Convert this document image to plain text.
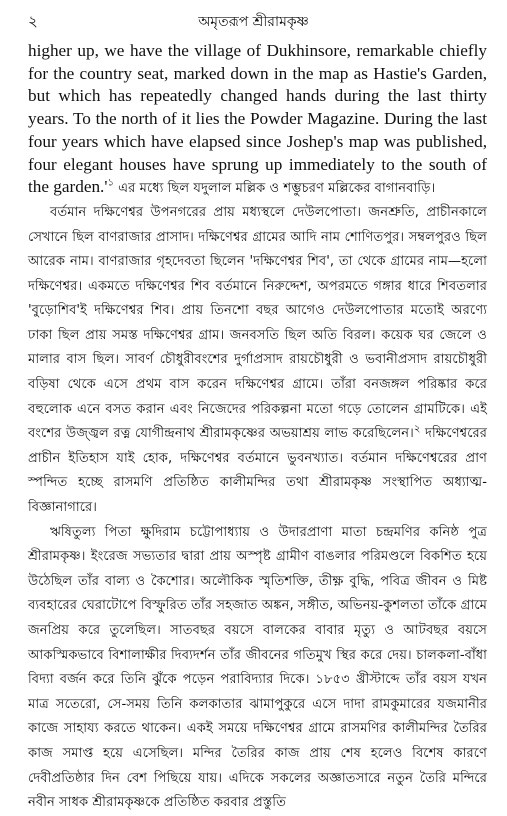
২	অমৃতরূপ শ্রীরামকৃষ্ণ

higher up, we have the village of Dukhinsore, remarkable chiefly for the country seat, marked down in the map as Hastie's Garden, but which has repeatedly changed hands during the last thirty years. To the north of it lies the Powder Magazine. During the last four years which have elapsed since Joshep's map was published, four elegant houses have sprung up immediately to the south of the $garden.'^১$ এর মধ্যে ছিল যদুলাল মল্লিক ও শম্ভুচরণ মল্লিকের বাগানবাড়ি।

বর্তমান দক্ষিণেশ্বর উপনগরের প্রায় মধ্যস্থলে দেউলপোতা। জনশ্রুতি, প্রাচীনকালে সেখানে ছিল বাণরাজার প্রাসাদ। দক্ষিণেশ্বর গ্রামের আদি নাম শোণিতপুর। সম্বলপুরও ছিল আরেক নাম। বাণরাজার গৃহদেবতা ছিলেন 'দক্ষিণেশ্বর শিব', তা থেকে গ্রামের নাম—হলো দক্ষিণেশ্বর। একমতে দক্ষিণেশ্বর শিব বর্তমানে নিরুদ্দেশ, অপরমতে গঙ্গার ধারে শিবতলার 'বুড়োশিব'ই দক্ষিণেশ্বর শিব। প্রায় তিনশো বছর আগেও দেউলপোতার মতোই অরণ্যে ঢাকা ছিল প্রায় সমস্ত দক্ষিণেশ্বর গ্রাম। জনবসতি ছিল অতি বিরল। কয়েক ঘর জেলে ও মালার বাস ছিল। সাবর্ণ চৌধুরীবংশের দুর্গাপ্রসাদ রায়চৌধুরী ও ভবানীপ্রসাদ রায়চৌধুরী বড়িষা থেকে এসে প্রথম বাস করেন দক্ষিণেশ্বর গ্রামে। তাঁরা বনজঙ্গল পরিষ্কার করে বহুলোক এনে বসত করান এবং নিজেদের পরিকল্পনা মতো গড়ে তোলেন গ্রামটিকে। এই বংশের উজ্জ্বল রত্ন যোগীন্দ্রনাথ শ্রীরামকৃষ্ণের অভয়াশ্রয় লাভ করেছিলেন।$^২$ দক্ষিণেশ্বরের প্রাচীন ইতিহাস যাই হোক, দক্ষিণেশ্বর বর্তমানে ভুবনখ্যাত। বর্তমান দক্ষিণেশ্বরের প্রাণ স্পন্দিত হচ্ছে রাসমণি প্রতিষ্ঠিত কালীমন্দির তথা শ্রীরামকৃষ্ণ সংস্থাপিত অধ্যাত্ম-বিজ্ঞানাগারে।

ঋষিতুল্য পিতা ক্ষুদিরাম চট্টোপাধ্যায় ও উদারপ্রাণা মাতা চন্দ্রমণির কনিষ্ঠ পুত্র শ্রীরামকৃষ্ণ। ইংরেজ সভ্যতার দ্বারা প্রায় অস্পৃষ্ট গ্রামীণ বাঙলার পরিমণ্ডলে বিকশিত হয়ে উঠেছিল তাঁর বাল্য ও কৈশোর। অলৌকিক স্মৃতিশক্তি, তীক্ষ্ণ বুদ্ধি, পবিত্র জীবন ও মিষ্ট ব্যবহারের ঘেরাটোপে বিস্ফুরিত তাঁর সহজাত অঙ্কন, সঙ্গীত, অভিনয়-কুশলতা তাঁকে গ্রামে জনপ্রিয় করে তুলেছিল। সাতবছর বয়সে বালকের বাবার মৃত্যু ও আটবছর বয়সে আকস্মিকভাবে বিশালাক্ষীর দিব্যদর্শন তাঁর জীবনের গতিমুখ স্থির করে দেয়। চালকলা-বাঁধা বিদ্যা বর্জন করে তিনি ঝুঁকে পড়েন পরাবিদ্যার দিকে। ১৮৫৩ খ্রীস্টাব্দে তাঁর বয়স যখন মাত্র সতেরো, সে-সময় তিনি কলকাতার ঝামাপুকুরে এসে দাদা রামকুমারের যজমানীর কাজে সাহায্য করতে থাকেন। একই সময়ে দক্ষিণেশ্বর গ্রামে রাসমণির কালীমন্দির তৈরির কাজ সমাপ্ত হয়ে এসেছিল। মন্দির তৈরির কাজ প্রায় শেষ হলেও বিশেষ কারণে দেবীপ্রতিষ্ঠার দিন বেশ পিছিয়ে যায়। এদিকে সকলের অজ্ঞাতসারে নতুন তৈরি মন্দিরে নবীন সাধক শ্রীরামকৃষ্ণকে প্রতিষ্ঠিত করবার প্রস্তুতি
